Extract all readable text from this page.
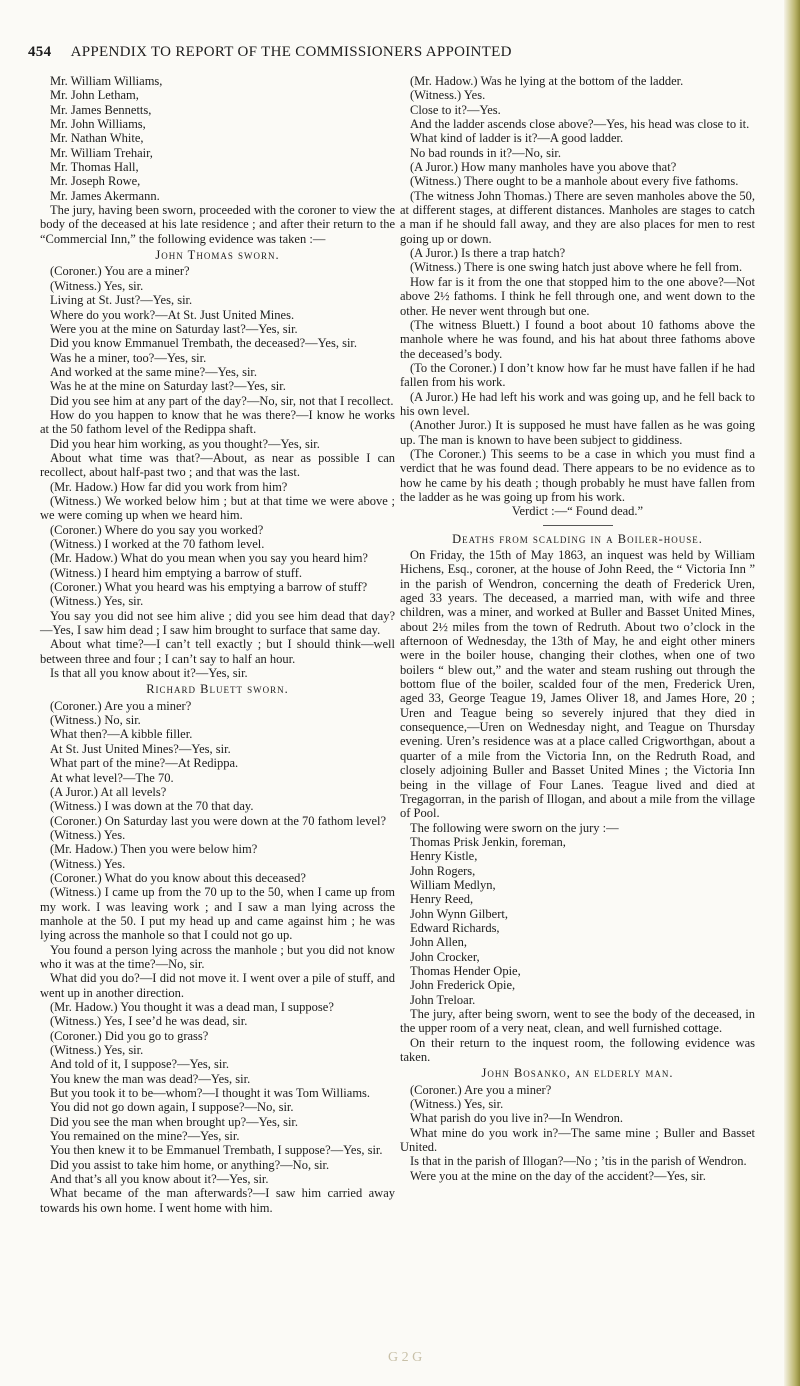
454 APPENDIX TO REPORT OF THE COMMISSIONERS APPOINTED

Mr. William Williams,

Mr. John Letham,

Mr. James Bennetts,

Mr. John Williams,

Mr. Nathan White,

Mr. William Trehair,

Mr. Thomas Hall,

Mr. Joseph Rowe,

Mr. James Akermann.

The jury, having been sworn, proceeded with the coroner to view the body of the deceased at his late residence ; and after their return to the “Commercial Inn,” the following evidence was taken :—

John Thomas sworn.

(Coroner.) You are a miner?

(Witness.) Yes, sir.

Living at St. Just?—Yes, sir.

Where do you work?—At St. Just United Mines.

Were you at the mine on Saturday last?—Yes, sir.

Did you know Emmanuel Trembath, the deceased?—Yes, sir.

Was he a miner, too?—Yes, sir.

And worked at the same mine?—Yes, sir.

Was he at the mine on Saturday last?—Yes, sir.

Did you see him at any part of the day?—No, sir, not that I recollect.

How do you happen to know that he was there?—I know he works at the 50 fathom level of the Redippa shaft.

Did you hear him working, as you thought?—Yes, sir.

About what time was that?—About, as near as possible I can recollect, about half-past two ; and that was the last.

(Mr. Hadow.) How far did you work from him?

(Witness.) We worked below him ; but at that time we were above ; we were coming up when we heard him.

(Coroner.) Where do you say you worked?

(Witness.) I worked at the 70 fathom level.

(Mr. Hadow.) What do you mean when you say you heard him?

(Witness.) I heard him emptying a barrow of stuff.

(Coroner.) What you heard was his emptying a barrow of stuff?

(Witness.) Yes, sir.

You say you did not see him alive ; did you see him dead that day?—Yes, I saw him dead ; I saw him brought to surface that same day.

About what time?—I can’t tell exactly ; but I should think—well between three and four ; I can’t say to half an hour.

Is that all you know about it?—Yes, sir.

Richard Bluett sworn.

(Coroner.) Are you a miner?

(Witness.) No, sir.

What then?—A kibble filler.

At St. Just United Mines?—Yes, sir.

What part of the mine?—At Redippa.

At what level?—The 70.

(A Juror.) At all levels?

(Witness.) I was down at the 70 that day.

(Coroner.) On Saturday last you were down at the 70 fathom level?

(Witness.) Yes.

(Mr. Hadow.) Then you were below him?

(Witness.) Yes.

(Coroner.) What do you know about this deceased?

(Witness.) I came up from the 70 up to the 50, when I came up from my work. I was leaving work ; and I saw a man lying across the manhole at the 50. I put my head up and came against him ; he was lying across the manhole so that I could not go up.

You found a person lying across the manhole ; but you did not know who it was at the time?—No, sir.

What did you do?—I did not move it. I went over a pile of stuff, and went up in another direction.

(Mr. Hadow.) You thought it was a dead man, I suppose?

(Witness.) Yes, I see’d he was dead, sir.

(Coroner.) Did you go to grass?

(Witness.) Yes, sir.

And told of it, I suppose?—Yes, sir.

You knew the man was dead?—Yes, sir.

But you took it to be—whom?—I thought it was Tom Williams.

You did not go down again, I suppose?—No, sir.

Did you see the man when brought up?—Yes, sir.

You remained on the mine?—Yes, sir.

You then knew it to be Emmanuel Trembath, I suppose?—Yes, sir.

Did you assist to take him home, or anything?—No, sir.

And that’s all you know about it?—Yes, sir.

What became of the man afterwards?—I saw him carried away towards his own home. I went home with him.

(Mr. Hadow.) Was he lying at the bottom of the ladder.

(Witness.) Yes.

Close to it?—Yes.

And the ladder ascends close above?—Yes, his head was close to it.

What kind of ladder is it?—A good ladder.

No bad rounds in it?—No, sir.

(A Juror.) How many manholes have you above that?

(Witness.) There ought to be a manhole about every five fathoms.

(The witness John Thomas.) There are seven manholes above the 50, at different stages, at different distances. Manholes are stages to catch a man if he should fall away, and they are also places for men to rest going up or down.

(A Juror.) Is there a trap hatch?

(Witness.) There is one swing hatch just above where he fell from.

How far is it from the one that stopped him to the one above?—Not above 2½ fathoms. I think he fell through one, and went down to the other. He never went through but one.

(The witness Bluett.) I found a boot about 10 fathoms above the manhole where he was found, and his hat about three fathoms above the deceased’s body.

(To the Coroner.) I don’t know how far he must have fallen if he had fallen from his work.

(A Juror.) He had left his work and was going up, and he fell back to his own level.

(Another Juror.) It is supposed he must have fallen as he was going up. The man is known to have been subject to giddiness.

(The Coroner.) This seems to be a case in which you must find a verdict that he was found dead. There appears to be no evidence as to how he came by his death ; though probably he must have fallen from the ladder as he was going up from his work.

Verdict :—“ Found dead.”

Deaths from scalding in a Boiler-house.

On Friday, the 15th of May 1863, an inquest was held by William Hichens, Esq., coroner, at the house of John Reed, the “ Victoria Inn ” in the parish of Wendron, concerning the death of Frederick Uren, aged 33 years. The deceased, a married man, with wife and three children, was a miner, and worked at Buller and Basset United Mines, about 2½ miles from the town of Redruth. About two o’clock in the afternoon of Wednesday, the 13th of May, he and eight other miners were in the boiler house, changing their clothes, when one of two boilers “ blew out,” and the water and steam rushing out through the bottom flue of the boiler, scalded four of the men, Frederick Uren, aged 33, George Teague 19, James Oliver 18, and James Hore, 20 ; Uren and Teague being so severely injured that they died in consequence,—Uren on Wednesday night, and Teague on Thursday evening. Uren’s residence was at a place called Crigworthgan, about a quarter of a mile from the Victoria Inn, on the Redruth Road, and closely adjoining Buller and Basset United Mines ; the Victoria Inn being in the village of Four Lanes. Teague lived and died at Tregagorran, in the parish of Illogan, and about a mile from the village of Pool.

The following were sworn on the jury :—

Thomas Prisk Jenkin, foreman,

Henry Kistle,

John Rogers,

William Medlyn,

Henry Reed,

John Wynn Gilbert,

Edward Richards,

John Allen,

John Crocker,

Thomas Hender Opie,

John Frederick Opie,

John Treloar.

The jury, after being sworn, went to see the body of the deceased, in the upper room of a very neat, clean, and well furnished cottage.

On their return to the inquest room, the following evidence was taken.

John Bosanko, an elderly man.

(Coroner.) Are you a miner?

(Witness.) Yes, sir.

What parish do you live in?—In Wendron.

What mine do you work in?—The same mine ; Buller and Basset United.

Is that in the parish of Illogan?—No ; ’tis in the parish of Wendron.

Were you at the mine on the day of the accident?—Yes, sir.

G 2 G
